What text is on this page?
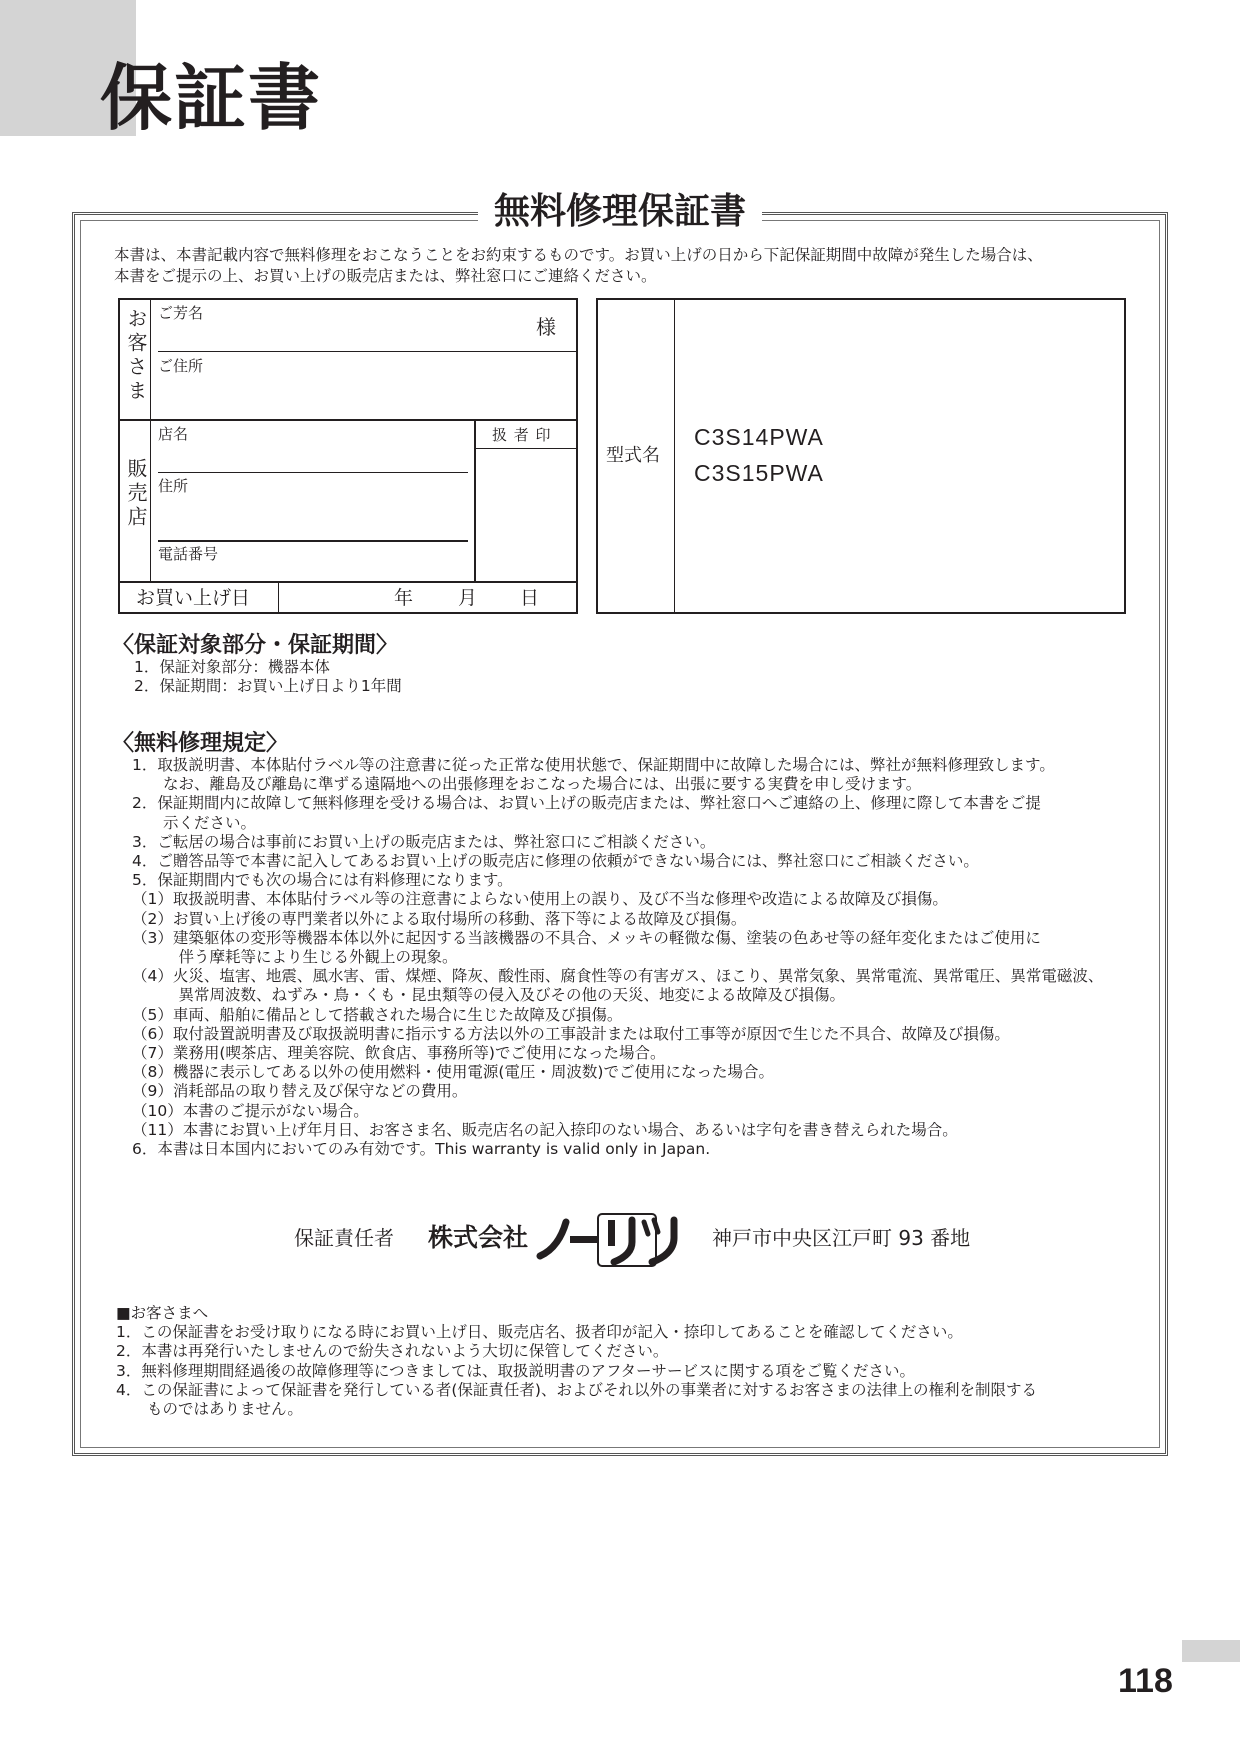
保証書
無料修理保証書
本書は、本書記載内容で無料修理をおこなうことをお約束するものです。お買い上げの日から下記保証期間中故障が発生した場合は、
本書をご提示の上、お買い上げの販売店または、弊社窓口にご連絡ください。
お客さま ご芳名
様
ご住所
販売店
店名
住所
電話番号
扱 者 印
お買い上げ日	年 月 日
型式名
C3S14PWA
C3S15PWA
〈保証対象部分・保証期間〉
1．保証対象部分：機器本体
2．保証期間：お買い上げ日より1年間
〈無料修理規定〉
1．取扱説明書、本体貼付ラベル等の注意書に従った正常な使用状態で、保証期間中に故障した場合には、弊社が無料修理致します。
　　なお、離島及び離島に準ずる遠隔地への出張修理をおこなった場合には、出張に要する実費を申し受けます。
2．保証期間内に故障して無料修理を受ける場合は、お買い上げの販売店または、弊社窓口へご連絡の上、修理に際して本書をご提
　　示ください。
3．ご転居の場合は事前にお買い上げの販売店または、弊社窓口にご相談ください。
4．ご贈答品等で本書に記入してあるお買い上げの販売店に修理の依頼ができない場合には、弊社窓口にご相談ください。
5．保証期間内でも次の場合には有料修理になります。
（1）取扱説明書、本体貼付ラベル等の注意書によらない使用上の誤り、及び不当な修理や改造による故障及び損傷。
（2）お買い上げ後の専門業者以外による取付場所の移動、落下等による故障及び損傷。
（3）建築躯体の変形等機器本体以外に起因する当該機器の不具合、メッキの軽微な傷、塗装の色あせ等の経年変化またはご使用に
　　　伴う摩耗等により生じる外観上の現象。
（4）火災、塩害、地震、風水害、雷、煤煙、降灰、酸性雨、腐食性等の有害ガス、ほこり、異常気象、異常電流、異常電圧、異常電磁波、
　　　異常周波数、ねずみ・鳥・くも・昆虫類等の侵入及びその他の天災、地変による故障及び損傷。
（5）車両、船舶に備品として搭載された場合に生じた故障及び損傷。
（6）取付設置説明書及び取扱説明書に指示する方法以外の工事設計または取付工事等が原因で生じた不具合、故障及び損傷。
（7）業務用(喫茶店、理美容院、飲食店、事務所等)でご使用になった場合。
（8）機器に表示してある以外の使用燃料・使用電源(電圧・周波数)でご使用になった場合。
（9）消耗部品の取り替え及び保守などの費用。
（10）本書のご提示がない場合。
（11）本書にお買い上げ年月日、お客さま名、販売店名の記入捺印のない場合、あるいは字句を書き替えられた場合。
6．本書は日本国内においてのみ有効です。This warranty is valid only in Japan.
保証責任者 株式会社	神戸市中央区江戸町 93 番地
■お客さまへ
1．この保証書をお受け取りになる時にお買い上げ日、販売店名、扱者印が記入・捺印してあることを確認してください。
2．本書は再発行いたしませんので紛失されないよう大切に保管してください。
3．無料修理期間経過後の故障修理等につきましては、取扱説明書のアフターサービスに関する項をご覧ください。
4．この保証書によって保証書を発行している者(保証責任者)、およびそれ以外の事業者に対するお客さまの法律上の権利を制限する
　　ものではありません。
118
